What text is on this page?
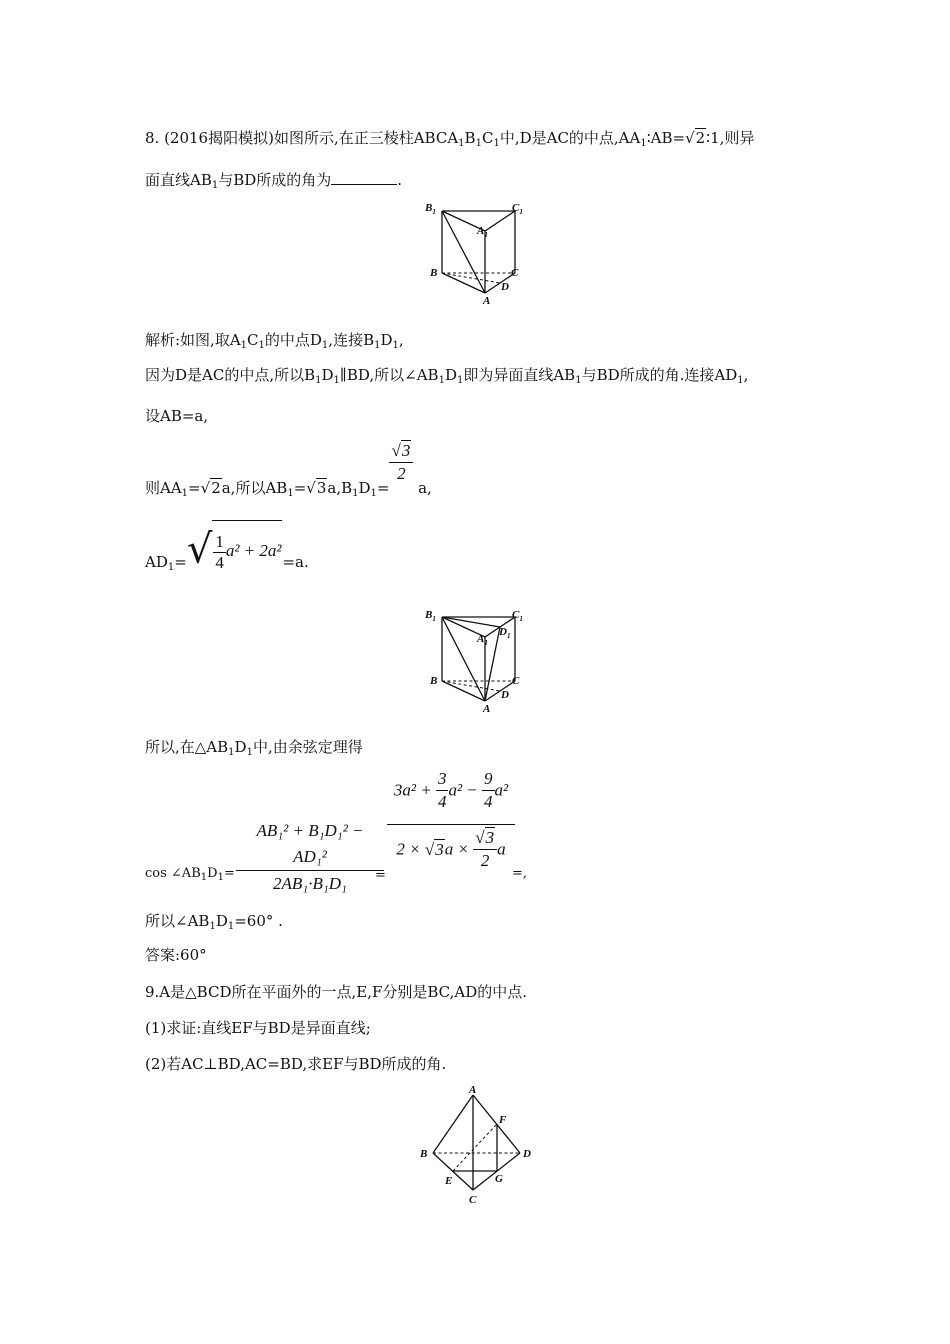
8. (2016揭阳模拟)如图所示,在正三棱柱$ABCA_1B_1C_1$中,D是AC的中点$,AA_1∶AB=√2∶1$,则异
面直线$AB_1$与BD所成的角为	.
$B_1$	$C_1$
$A_1$
B	C
D
A
解析:如图,取$A_1C_1$的中点$D_1$,连接$B_1D_1$,
因为D是AC的中点,所以$B_1D_1\parallel BD$,所以$\angle AB_1D_1$即为异面直线$AB_1$与BD所成的角.连接$AD_1$,
设AB=a,
则$AA_1=√2a$,所以$AB_1=√3a,B_1D_1=$
$\frac{√3}{2}$
a,
$AD_1=√ \frac{1}{4} a^2 + 2a^2=a$.
$B_1$	$C_1$
$A_1$
$D_1$
B	C
D
A
所以,在$\triangle AB_1D_1$中,由余弦定理得
$\cos \angle AB_1D_1= \frac{\text{AB₁² + B₁D₁² − AD₁²}}{\text{2AB₁·B₁D₁}}$
=
$\frac{3a^2 + \frac{3}{4} a^2 - \frac{9}{4} a^2}{2 \times √3a \times \frac{√3}{2} a}$
=,
所以$\angle AB_1D_1=60^\circ$ .
答案:60°
9.A是△BCD所在平面外的一点,E,F分别是BC,AD的中点.
(1)求证:直线EF与BD是异面直线;
(2)若AC⊥BD,AC=BD,求EF与BD所成的角.
A
B
C
D
E
F
G
